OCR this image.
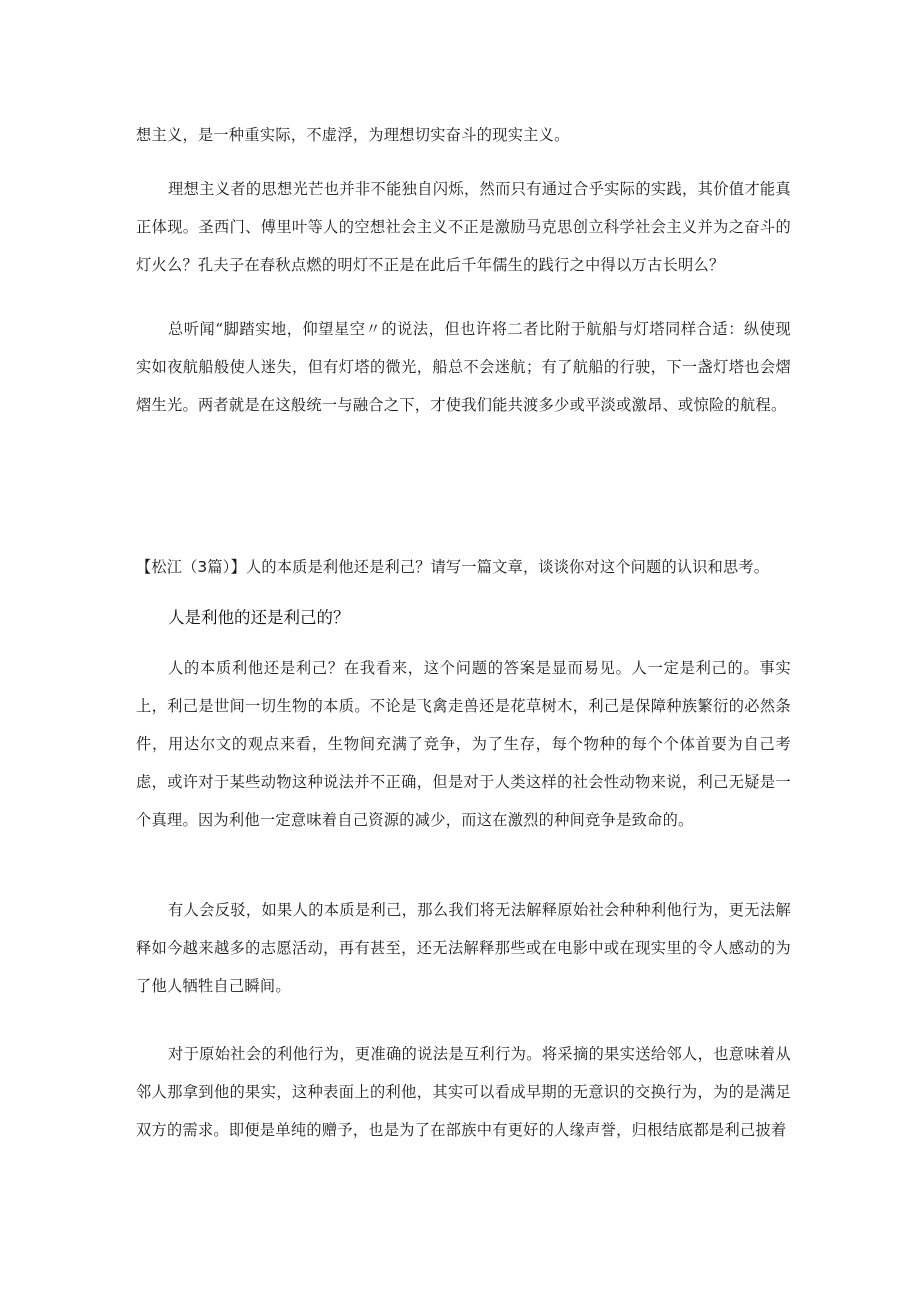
想主义，是一种重实际，不虚浮，为理想切实奋斗的现实主义。

理想主义者的思想光芒也并非不能独自闪烁，然而只有通过合乎实际的实践，其价值才能真正体现。圣西门、傅里叶等人的空想社会主义不正是激励马克思创立科学社会主义并为之奋斗的灯火么？孔夫子在春秋点燃的明灯不正是在此后千年儒生的践行之中得以万古长明么？

总听闻“脚踏实地，仰望星空〃的说法，但也许将二者比附于航船与灯塔同样合适：纵使现实如夜航船般使人迷失，但有灯塔的微光，船总不会迷航；有了航船的行驶，下一盏灯塔也会熠熠生光。两者就是在这般统一与融合之下，才使我们能共渡多少或平淡或激昂、或惊险的航程。

【松江（3篇）】人的本质是利他还是利己？请写一篇文章，谈谈你对这个问题的认识和思考。

人是利他的还是利己的？

人的本质利他还是利己？在我看来，这个问题的答案是显而易见。人一定是利己的。事实上，利己是世间一切生物的本质。不论是飞禽走兽还是花草树木，利己是保障种族繁衍的必然条件，用达尔文的观点来看，生物间充满了竞争，为了生存，每个物种的每个个体首要为自己考虑，或许对于某些动物这种说法并不正确，但是对于人类这样的社会性动物来说，利己无疑是一个真理。因为利他一定意味着自己资源的减少，而这在激烈的种间竞争是致命的。

有人会反驳，如果人的本质是利己，那么我们将无法解释原始社会种种利他行为，更无法解释如今越来越多的志愿活动，再有甚至，还无法解释那些或在电影中或在现实里的令人感动的为了他人牺牲自己瞬间。

对于原始社会的利他行为，更准确的说法是互利行为。将采摘的果实送给邻人，也意味着从邻人那拿到他的果实，这种表面上的利他，其实可以看成早期的无意识的交换行为，为的是满足双方的需求。即便是单纯的赠予，也是为了在部族中有更好的人缘声誉，归根结底都是利己披着
